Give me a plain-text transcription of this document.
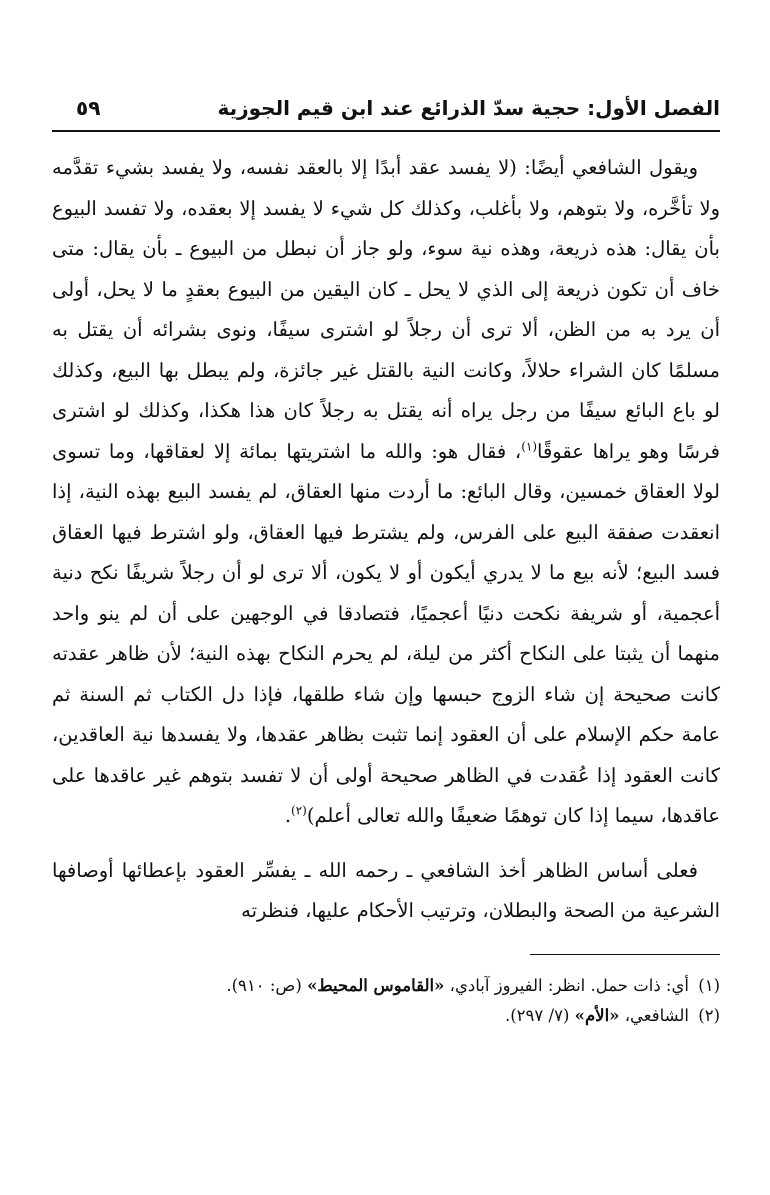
الفصل الأول: حجية سدّ الذرائع عند ابن قيم الجوزية
٥٩

ويقول الشافعي أيضًا: (لا يفسد عقد أبدًا إلا بالعقد نفسه، ولا يفسد بشيء تقدَّمه ولا تأخَّره، ولا بتوهم، ولا بأغلب، وكذلك كل شيء لا يفسد إلا بعقده، ولا تفسد البيوع بأن يقال: هذه ذريعة، وهذه نية سوء، ولو جاز أن نبطل من البيوع ـ بأن يقال: متى خاف أن تكون ذريعة إلى الذي لا يحل ـ كان اليقين من البيوع بعقدٍ ما لا يحل، أولى أن يرد به من الظن، ألا ترى أن رجلاً لو اشترى سيفًا، ونوى بشرائه أن يقتل به مسلمًا كان الشراء حلالاً، وكانت النية بالقتل غير جائزة، ولم يبطل بها البيع، وكذلك لو باع البائع سيفًا من رجل يراه أنه يقتل به رجلاً كان هذا هكذا، وكذلك لو اشترى فرسًا وهو يراها عقوقًا$^{(١)}$، فقال هو: والله ما اشتريتها بمائة إلا لعقاقها، وما تسوى لولا العقاق خمسين، وقال البائع: ما أردت منها العقاق، لم يفسد البيع بهذه النية، إذا انعقدت صفقة البيع على الفرس، ولم يشترط فيها العقاق، ولو اشترط فيها العقاق فسد البيع؛ لأنه بيع ما لا يدري أيكون أو لا يكون، ألا ترى لو أن رجلاً شريفًا نكح دنية أعجمية، أو شريفة نكحت دنيًا أعجميًا، فتصادقا في الوجهين على أن لم ينو واحد منهما أن يثبتا على النكاح أكثر من ليلة، لم يحرم النكاح بهذه النية؛ لأن ظاهر عقدته كانت صحيحة إن شاء الزوج حبسها وإن شاء طلقها، فإذا دل الكتاب ثم السنة ثم عامة حكم الإسلام على أن العقود إنما تثبت بظاهر عقدها، ولا يفسدها نية العاقدين، كانت العقود إذا عُقدت في الظاهر صحيحة أولى أن لا تفسد بتوهم غير عاقدها على عاقدها، سيما إذا كان توهمًا ضعيفًا والله تعالى أعلم)$^{(٢)}$.

فعلى أساس الظاهر أخذ الشافعي ـ رحمه الله ـ يفسِّر العقود بإعطائها أوصافها الشرعية من الصحة والبطلان، وترتيب الأحكام عليها، فنظرته

(١) أي: ذات حمل. انظر: الفيروز آبادي، «القاموس المحيط» (ص: ٩١٠).

(٢) الشافعي، «الأم» (٧/ ٢٩٧).
